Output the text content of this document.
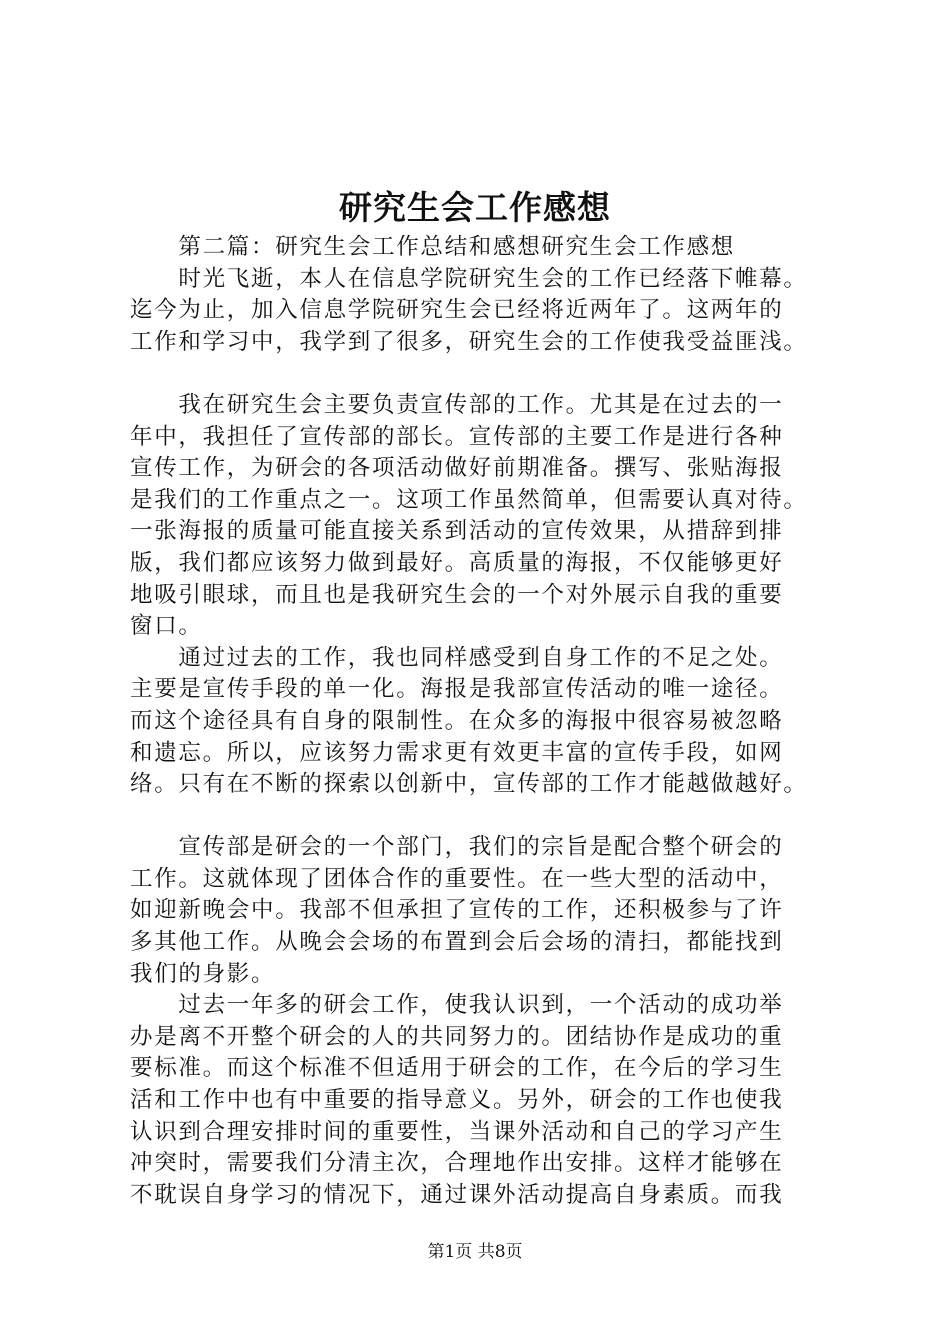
研究生会工作感想
　　第二篇：研究生会工作总结和感想研究生会工作感想
　　时光飞逝，本人在信息学院研究生会的工作已经落下帷幕。
迄今为止，加入信息学院研究生会已经将近两年了。这两年的
工作和学习中，我学到了很多，研究生会的工作使我受益匪浅。
　　我在研究生会主要负责宣传部的工作。尤其是在过去的一
年中，我担任了宣传部的部长。宣传部的主要工作是进行各种
宣传工作，为研会的各项活动做好前期准备。撰写、张贴海报
是我们的工作重点之一。这项工作虽然简单，但需要认真对待。
一张海报的质量可能直接关系到活动的宣传效果，从措辞到排
版，我们都应该努力做到最好。高质量的海报，不仅能够更好
地吸引眼球，而且也是我研究生会的一个对外展示自我的重要
窗口。
　　通过过去的工作，我也同样感受到自身工作的不足之处。
主要是宣传手段的单一化。海报是我部宣传活动的唯一途径。
而这个途径具有自身的限制性。在众多的海报中很容易被忽略
和遗忘。所以，应该努力需求更有效更丰富的宣传手段，如网
络。只有在不断的探索以创新中，宣传部的工作才能越做越好。
　　宣传部是研会的一个部门，我们的宗旨是配合整个研会的
工作。这就体现了团体合作的重要性。在一些大型的活动中，
如迎新晚会中。我部不但承担了宣传的工作，还积极参与了许
多其他工作。从晚会会场的布置到会后会场的清扫，都能找到
我们的身影。
　　过去一年多的研会工作，使我认识到，一个活动的成功举
办是离不开整个研会的人的共同努力的。团结协作是成功的重
要标准。而这个标准不但适用于研会的工作，在今后的学习生
活和工作中也有中重要的指导意义。另外，研会的工作也使我
认识到合理安排时间的重要性，当课外活动和自己的学习产生
冲突时，需要我们分清主次，合理地作出安排。这样才能够在
不耽误自身学习的情况下，通过课外活动提高自身素质。而我
第1页 共8页
